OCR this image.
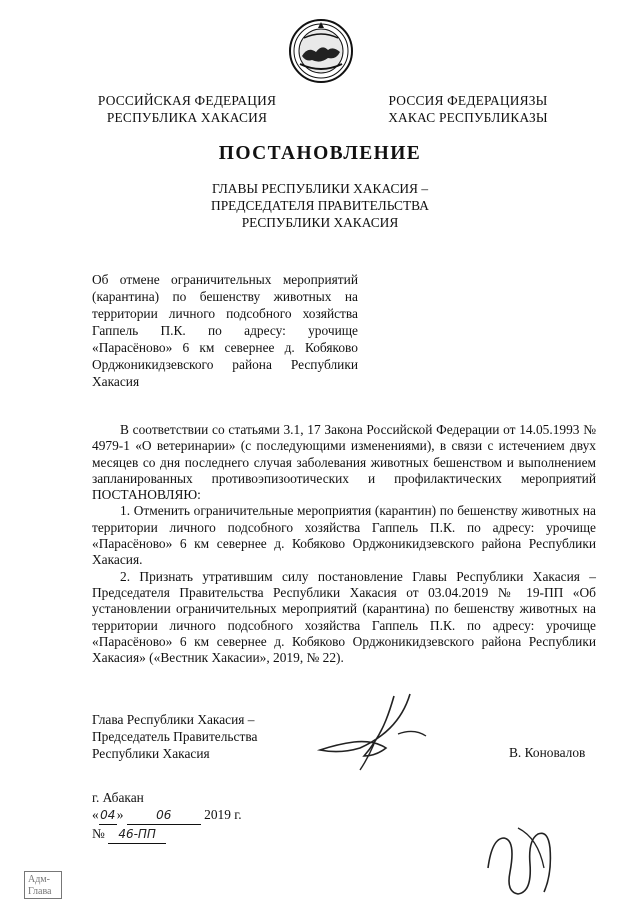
РОССИЙСКАЯ ФЕДЕРАЦИЯ
РЕСПУБЛИКА ХАКАСИЯ
РОССИЯ ФЕДЕРАЦИЯЗЫ
ХАКАС РЕСПУБЛИКАЗЫ
ПОСТАНОВЛЕНИЕ
ГЛАВЫ РЕСПУБЛИКИ ХАКАСИЯ –
ПРЕДСЕДАТЕЛЯ ПРАВИТЕЛЬСТВА
РЕСПУБЛИКИ ХАКАСИЯ
Об отмене ограничительных мероприятий (карантина) по бешенству животных на территории личного подсобного хозяйства Гаппель П.К. по адресу: урочище «Парасёново» 6 км севернее д. Кобяково Орджоникидзевского района Республики Хакасия

В соответствии со статьями 3.1, 17 Закона Российской Федерации от 14.05.1993 № 4979-1 «О ветеринарии» (с последующими изменениями), в связи с истечением двух месяцев со дня последнего случая заболевания животных бешенством и выполнением запланированных противоэпизоотических и профилактических мероприятий ПОСТАНОВЛЯЮ:

1. Отменить ограничительные мероприятия (карантин) по бешенству животных на территории личного подсобного хозяйства Гаппель П.К. по адресу: урочище «Парасёново» 6 км севернее д. Кобяково Орджоникидзевского района Республики Хакасия.

2. Признать утратившим силу постановление Главы Республики Хакасия – Председателя Правительства Республики Хакасия от 03.04.2019 № 19-ПП «Об установлении ограничительных мероприятий (карантина) по бешенству животных на территории личного подсобного хозяйства Гаппель П.К. по адресу: урочище «Парасёново» 6 км севернее д. Кобяково Орджоникидзевского района Республики Хакасия» («Вестник Хакасии», 2019, № 22).

Глава Республики Хакасия –
Председатель Правительства
Республики Хакасия	В. Коновалов
г. Абакан
«04»	06 2019 г.
№ 46-ПП
Адм-
Глава
